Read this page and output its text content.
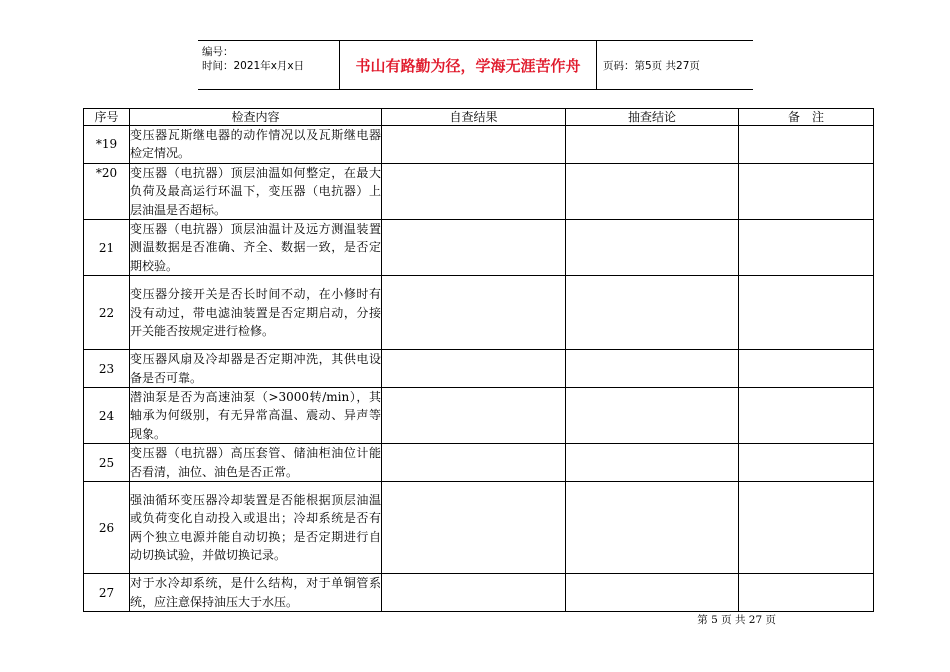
编号：
时间：2021年x月x日	书山有路勤为径，学海无涯苦作舟	页码：第5页 共27页
序号	检查内容	自查结果	抽查结论	备　注
*19	变压器瓦斯继电器的动作情况以及瓦斯继电器检定情况。			
*20	变压器（电抗器）顶层油温如何整定，在最大负荷及最高运行环温下，变压器（电抗器）上层油温是否超标。			
21	变压器（电抗器）顶层油温计及远方测温装置测温数据是否准确、齐全、数据一致，是否定期校验。			
22	变压器分接开关是否长时间不动，在小修时有没有动过，带电滤油装置是否定期启动，分接开关能否按规定进行检修。			
23	变压器风扇及冷却器是否定期冲洗，其供电设备是否可靠。			
24	潜油泵是否为高速油泵（>3000转/min），其轴承为何级别，有无异常高温、震动、异声等现象。			
25	变压器（电抗器）高压套管、储油柜油位计能否看清，油位、油色是否正常。			
26	强油循环变压器冷却装置是否能根据顶层油温或负荷变化自动投入或退出；冷却系统是否有两个独立电源并能自动切换；是否定期进行自动切换试验，并做切换记录。			
27	对于水冷却系统，是什么结构，对于单铜管系统，应注意保持油压大于水压。			
第 5 页 共 27 页
